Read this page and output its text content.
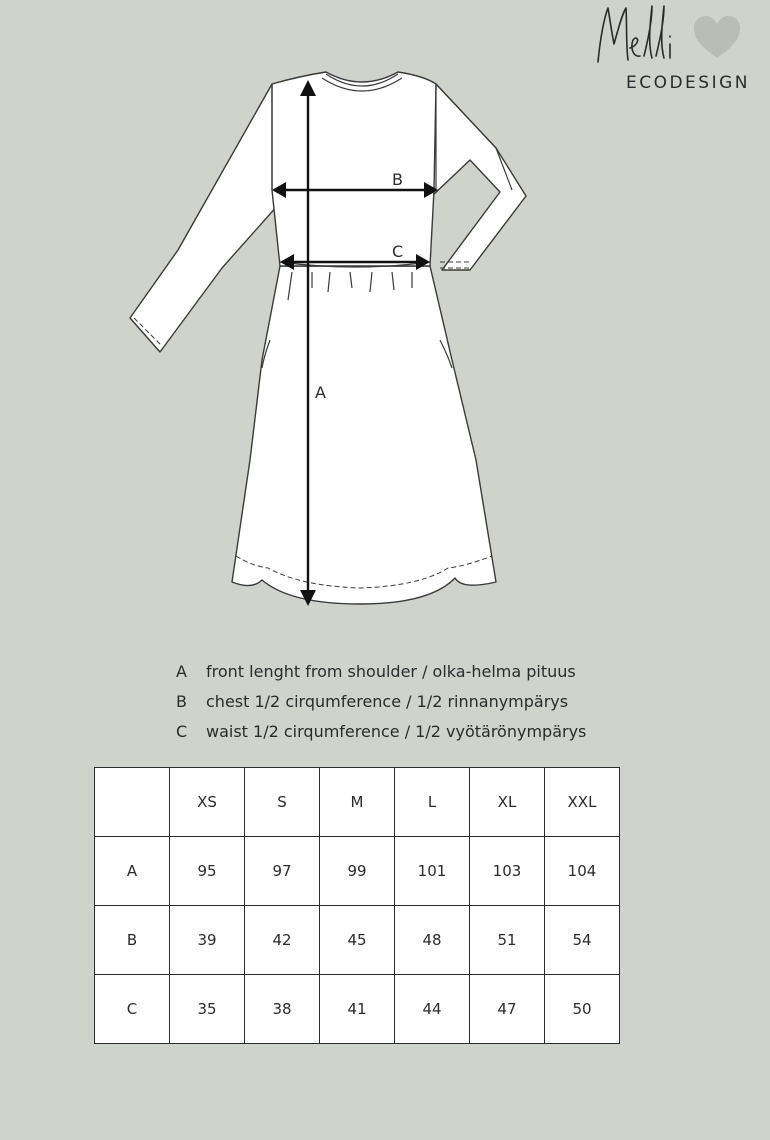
ECODESIGN
B
C
A
A	front lenght from shoulder / olka-helma pituus
B	chest 1/2 cirqumference / 1/2 rinnanympärys
C	waist 1/2 cirqumference / 1/2 vyötärönympärys
	XS	S	M	L	XL	XXL
A	95	97	99	101	103	104
B	39	42	45	48	51	54
C	35	38	41	44	47	50
